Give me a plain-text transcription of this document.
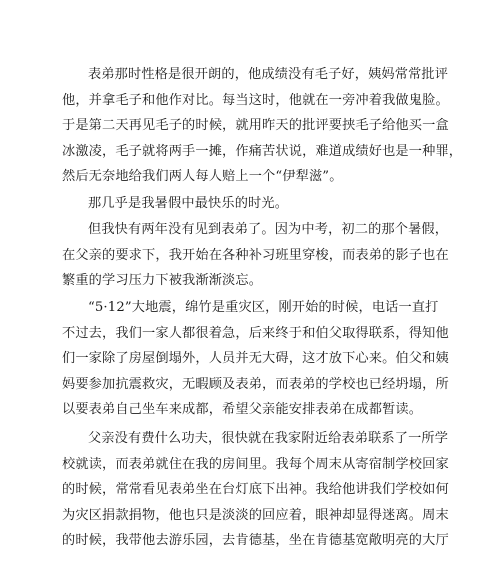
表弟那时性格是很开朗的，他成绩没有毛子好，姨妈常常批评
他，并拿毛子和他作对比。每当这时，他就在一旁冲着我做鬼脸。
于是第二天再见毛子的时候，就用昨天的批评要挟毛子给他买一盒
冰激凌，毛子就将两手一摊，作痛苦状说，难道成绩好也是一种罪，
然后无奈地给我们两人每人赔上一个“伊犁滋”。

那几乎是我暑假中最快乐的时光。

但我快有两年没有见到表弟了。因为中考，初二的那个暑假，
在父亲的要求下，我开始在各种补习班里穿梭，而表弟的影子也在
繁重的学习压力下被我渐渐淡忘。

“5·12”大地震，绵竹是重灾区，刚开始的时候，电话一直打
不过去，我们一家人都很着急，后来终于和伯父取得联系，得知他
们一家除了房屋倒塌外，人员并无大碍，这才放下心来。伯父和姨
妈要参加抗震救灾，无暇顾及表弟，而表弟的学校也已经坍塌，所
以要表弟自己坐车来成都，希望父亲能安排表弟在成都暂读。

父亲没有费什么功夫，很快就在我家附近给表弟联系了一所学
校就读，而表弟就住在我的房间里。我每个周末从寄宿制学校回家
的时候，常常看见表弟坐在台灯底下出神。我给他讲我们学校如何
为灾区捐款捐物，他也只是淡淡的回应着，眼神却显得迷离。周末
的时候，我带他去游乐园，去肯德基，坐在肯德基宽敞明亮的大厅
